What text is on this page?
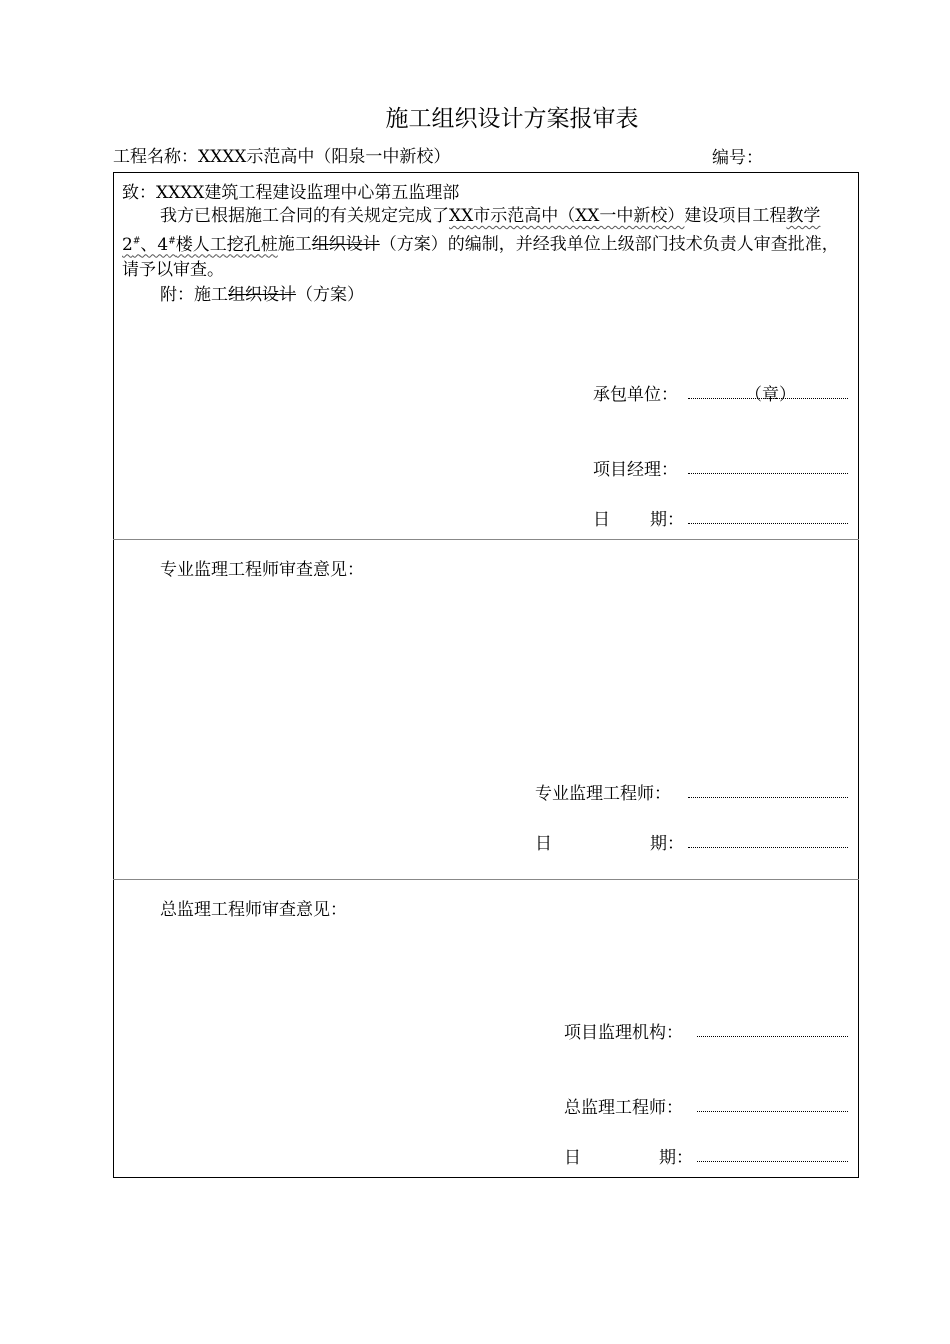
施工组织设计方案报审表
工程名称：XXXX示范高中（阳泉一中新校）	编号：
致：XXXX建筑工程建设监理中心第五监理部
我方已根据施工合同的有关规定完成了XX市示范高中（XX一中新校）建设项目工程教学2#、4#楼人工挖孔桩施工组织设计（方案）的编制，并经我单位上级部门技术负责人审查批准，请予以审查。
附：施工组织设计（方案）
承包单位：	（章）
项目经理：
日 期：
专业监理工程师审查意见：
专业监理工程师：
日	期：
总监理工程师审查意见：
项目监理机构：
总监理工程师：
日	期：
